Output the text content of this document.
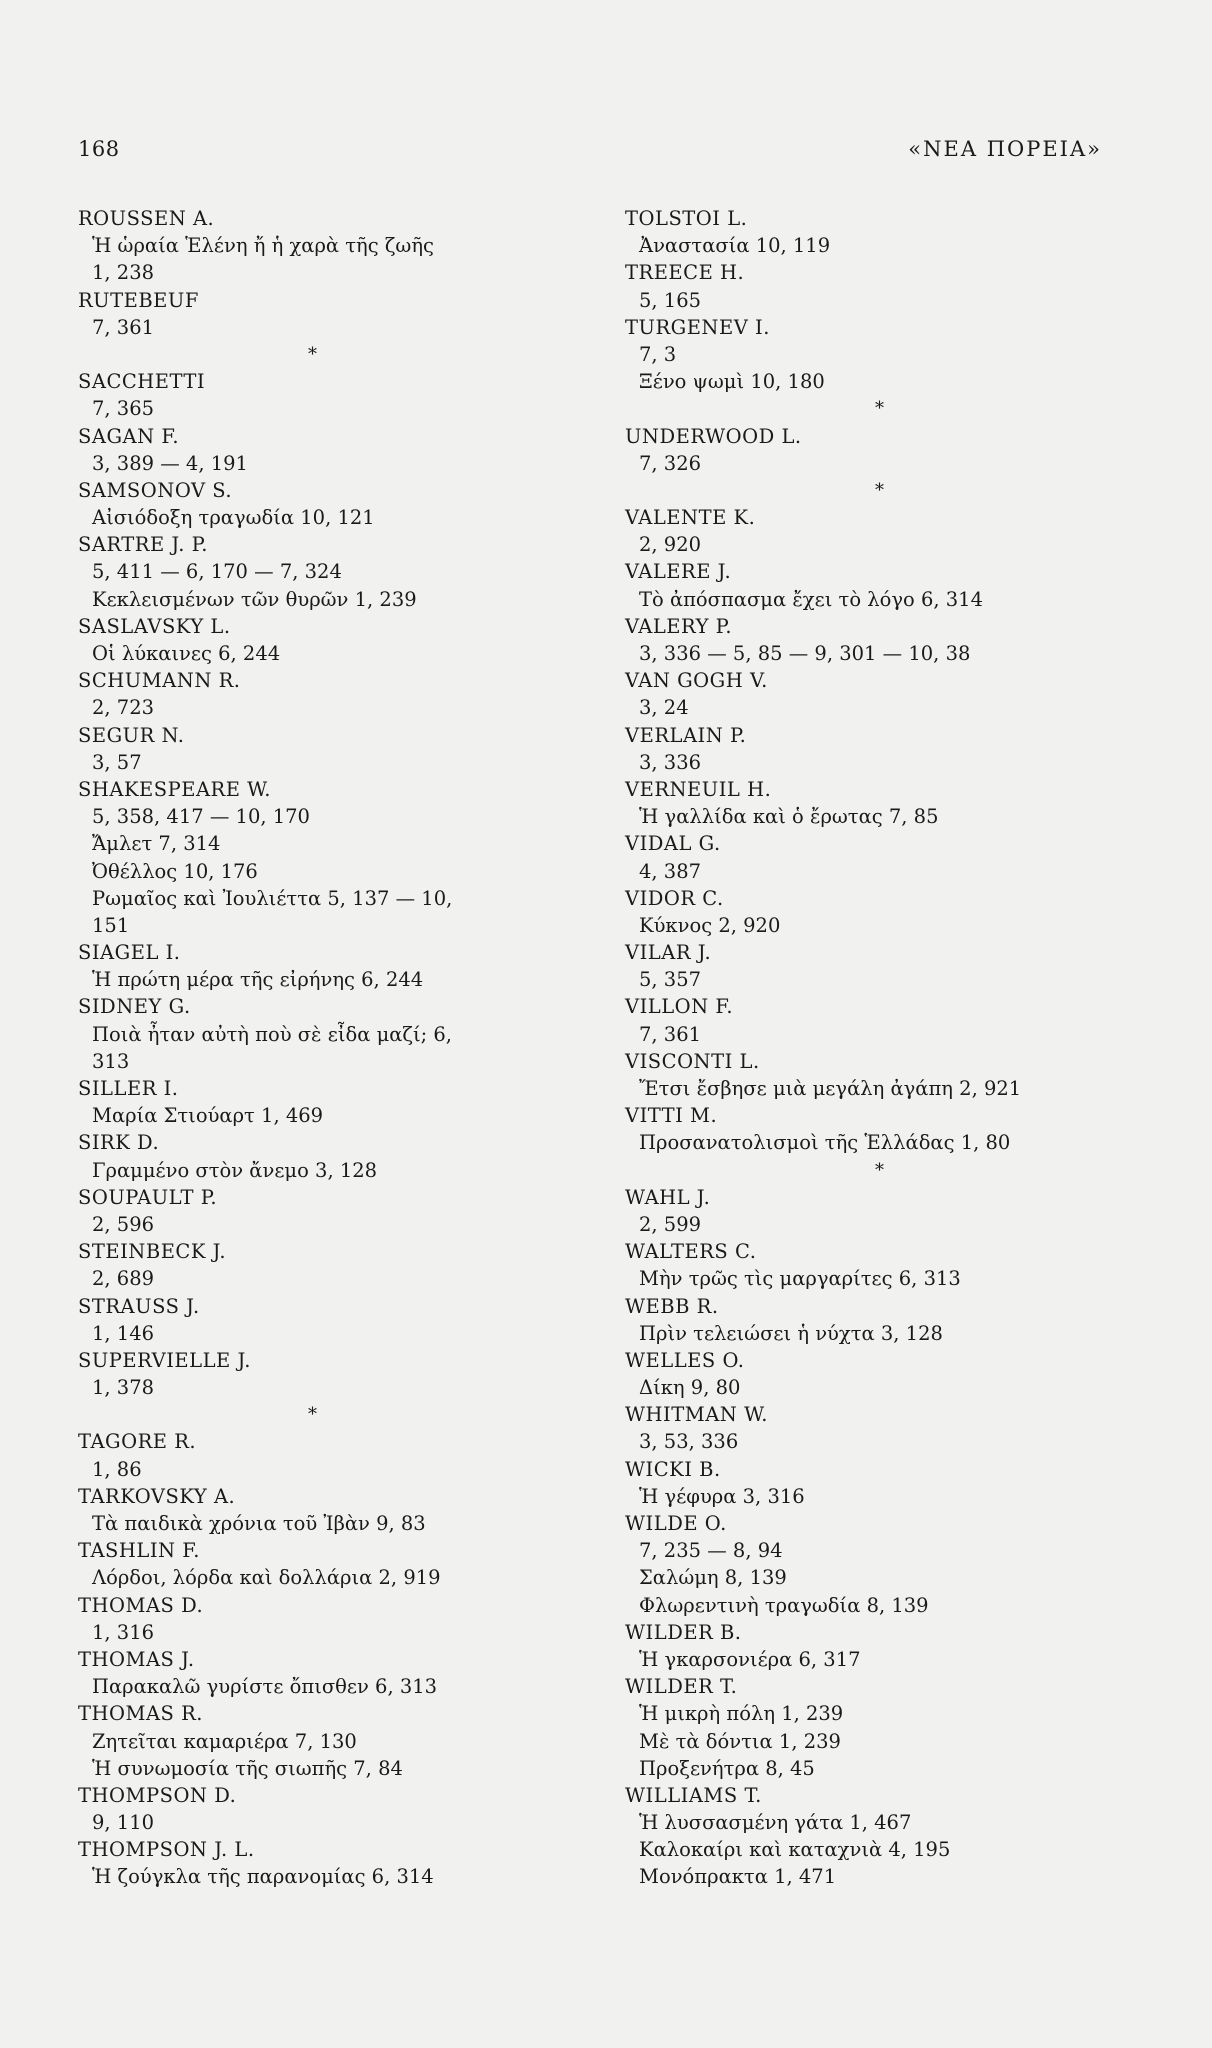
168	«ΝΕΑ ΠΟΡΕΙΑ»
ROUSSEN A.
Ἡ ὡραία Ἑλένη ἤ ἡ χαρὰ τῆς ζωῆς
1, 238
RUTEBEUF
7, 361
*
SACCHETTI
7, 365
SAGAN F.
3, 389 — 4, 191
SAMSONOV S.
Αἰσιόδοξη τραγωδία 10, 121
SARTRE J. P.
5, 411 — 6, 170 — 7, 324
Κεκλεισμένων τῶν θυρῶν 1, 239
SASLAVSKY L.
Οἱ λύκαινες 6, 244
SCHUMANN R.
2, 723
SEGUR N.
3, 57
SHAKESPEARE W.
5, 358, 417 — 10, 170
Ἄμλετ 7, 314
Ὀθέλλος 10, 176
Ρωμαῖος καὶ Ἰουλιέττα 5, 137 — 10,
151
SIAGEL I.
Ἡ πρώτη μέρα τῆς εἰρήνης 6, 244
SIDNEY G.
Ποιὰ ἦταν αὐτὴ ποὺ σὲ εἶδα μαζί; 6,
313
SILLER I.
Μαρία Στιούαρτ 1, 469
SIRK D.
Γραμμένο στὸν ἄνεμο 3, 128
SOUPAULT P.
2, 596
STEINBECK J.
2, 689
STRAUSS J.
1, 146
SUPERVIELLE J.
1, 378
*
TAGORE R.
1, 86
TARKOVSKY A.
Τὰ παιδικὰ χρόνια τοῦ Ἰβὰν 9, 83
TASHLIN F.
Λόρδοι, λόρδα καὶ δολλάρια 2, 919
THOMAS D.
1, 316
THOMAS J.
Παρακαλῶ γυρίστε ὄπισθεν 6, 313
THOMAS R.
Ζητεῖται καμαριέρα 7, 130
Ἡ συνωμοσία τῆς σιωπῆς 7, 84
THOMPSON D.
9, 110
THOMPSON J. L.
Ἡ ζούγκλα τῆς παρανομίας 6, 314
TOLSTOI L.
Ἀναστασία 10, 119
TREECE H.
5, 165
TURGENEV I.
7, 3
Ξένο ψωμὶ 10, 180
*
UNDERWOOD L.
7, 326
*
VALENTE K.
2, 920
VALERE J.
Τὸ ἀπόσπασμα ἔχει τὸ λόγο 6, 314
VALERY P.
3, 336 — 5, 85 — 9, 301 — 10, 38
VAN GOGH V.
3, 24
VERLAIN P.
3, 336
VERNEUIL H.
Ἡ γαλλίδα καὶ ὁ ἔρωτας 7, 85
VIDAL G.
4, 387
VIDOR C.
Κύκνος 2, 920
VILAR J.
5, 357
VILLON F.
7, 361
VISCONTI L.
Ἔτσι ἔσβησε μιὰ μεγάλη ἀγάπη 2, 921
VITTI M.
Προσανατολισμοὶ τῆς Ἑλλάδας 1, 80
*
WAHL J.
2, 599
WALTERS C.
Μὴν τρῶς τὶς μαργαρίτες 6, 313
WEBB R.
Πρὶν τελειώσει ἡ νύχτα 3, 128
WELLES O.
Δίκη 9, 80
WHITMAN W.
3, 53, 336
WICKI B.
Ἡ γέφυρα 3, 316
WILDE O.
7, 235 — 8, 94
Σαλώμη 8, 139
Φλωρεντινὴ τραγωδία 8, 139
WILDER B.
Ἡ γκαρσονιέρα 6, 317
WILDER T.
Ἡ μικρὴ πόλη 1, 239
Μὲ τὰ δόντια 1, 239
Προξενήτρα 8, 45
WILLIAMS T.
Ἡ λυσσασμένη γάτα 1, 467
Καλοκαίρι καὶ καταχνιὰ 4, 195
Μονόπρακτα 1, 471
